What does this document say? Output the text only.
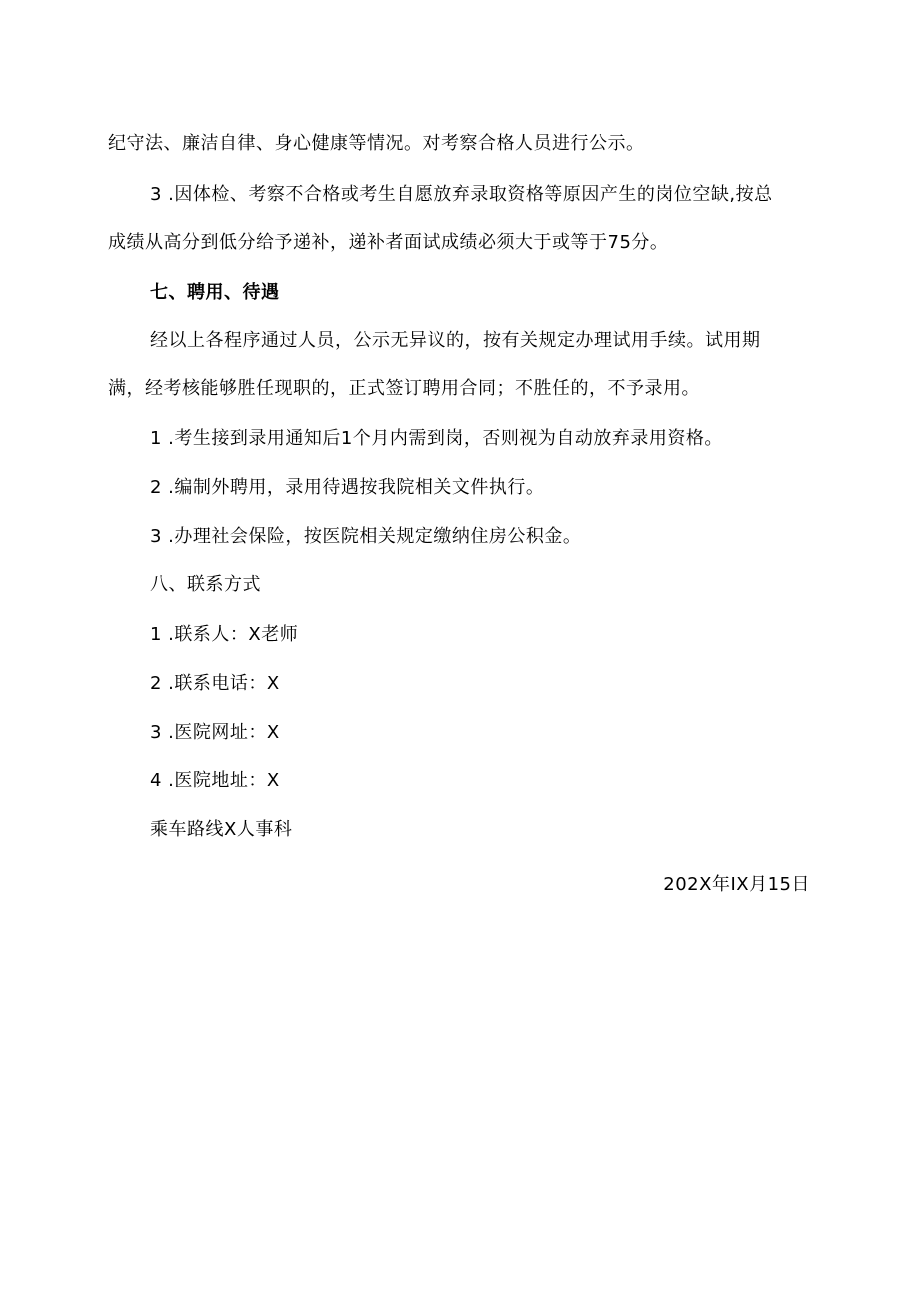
纪守法、廉洁自律、身心健康等情况。对考察合格人员进行公示。
3 .因体检、考察不合格或考生自愿放弃录取资格等原因产生的岗位空缺,按总
成绩从高分到低分给予递补，递补者面试成绩必须大于或等于75分。
七、聘用、待遇
经以上各程序通过人员，公示无异议的，按有关规定办理试用手续。试用期
满，经考核能够胜任现职的，正式签订聘用合同；不胜任的，不予录用。
1 .考生接到录用通知后1个月内需到岗，否则视为自动放弃录用资格。
2 .编制外聘用，录用待遇按我院相关文件执行。
3 .办理社会保险，按医院相关规定缴纳住房公积金。
八、联系方式
1 .联系人：X老师
2 .联系电话：X
3 .医院网址：X
4 .医院地址：X
乘车路线X人事科
202X年IX月15日
